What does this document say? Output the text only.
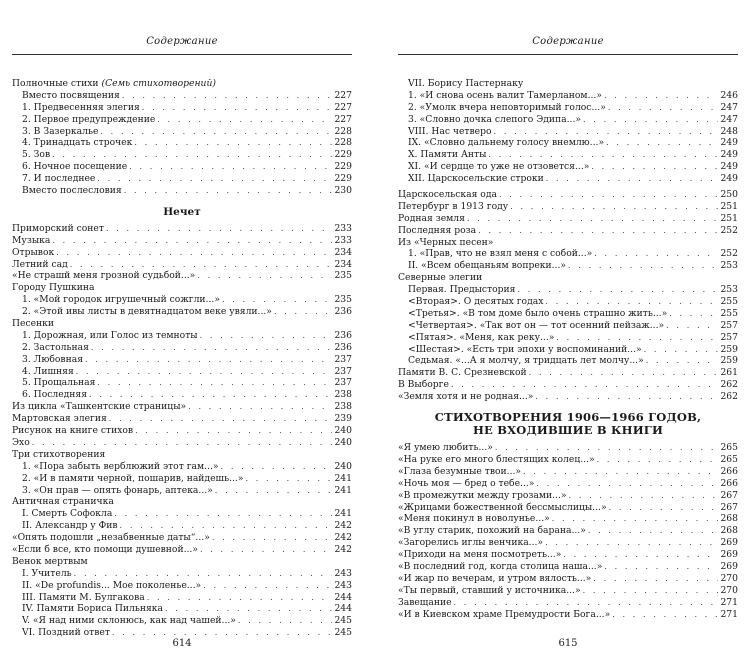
Содержание
Полночные стихи (Семь стихотворений)
Вместо посвящения . . .	227
1. Предвесенняя элегия . . .	227
2. Первое предупреждение . . .	227
3. В Зазеркалье . . .	228
4. Тринадцать строчек . . .	228
5. Зов . . .	229
6. Ночное посещение . . .	229
7. И последнее . . .	229
Вместо послесловия . . .	230
Нечет
Приморский сонет . . .	233
Музыка . . .	233
Отрывок . . .	234
Летний сад . . .	234
«Не страшй меня грозной судьбой...» . . .	235
Городу Пушкина
1. «Мой городок игрушечный сожгли...» . . .	235
2. «Этой ивы листы в девятнадцатом веке увяли...» . . .	236
Песенки
1. Дорожная, или Голос из темноты . . .	236
2. Застольная . . .	236
3. Любовная . . .	237
4. Лишняя . . .	237
5. Прощальная . . .	237
6. Последняя . . .	238
Из цикла «Ташкентские страницы» . . .	238
Мартовская элегия . . .	239
Рисунок на книге стихов . . .	240
Эхо . . .	240
Три стихотворения
1. «Пора забыть верблюжий этот гам...» . . .	240
2. «И в памяти черной, пошарив, найдешь...» . . .	241
3. «Он прав — опять фонарь, аптека...» . . .	241
Античная страничка
I. Смерть Софокла . . .	241
II. Александр у Фив . . .	242
«Опять подошли „незабвенные даты“...» . . .	242
«Если б все, кто помощи душевной...» . . .	242
Венок мертвым
I. Учитель . . .	243
II. «De profundis... Мое поколенье...» . . .	243
III. Памяти М. Булгакова . . .	244
IV. Памяти Бориса Пильняка . . .	244
V. «Я над ними склонюсь, как над чашей...» . . .	245
VI. Поздний ответ . . .	245
614
Содержание
VII. Борису Пастернаку
1. «И снова осень валит Тамерланом...» . . .	246
2. «Умолк вчера неповторимый голос...» . . .	247
3. «Словно дочка слепого Эдипа...» . . .	247
VIII. Нас четверо . . .	248
IX. «Словно дальнему голосу внемлю...» . . .	249
X. Памяти Анты . . .	249
XI. «И сердце то уже не отзовется...» . . .	249
XII. Царскосельские строки . . .	249
Царскосельская ода . . .	250
Петербург в 1913 году . . .	251
Родная земля . . .	251
Последняя роза . . .	252
Из «Черных песен»
1. «Прав, что не взял меня с собой...» . . .	252
II. «Всем обещаньям вопреки...» . . .	253
Северные элегии
Первая. Предыстория . . .	253
<Вторая>. О десятых годах . . .	255
<Третья>. «В том доме было очень страшно жить...» . . .	255
<Четвертая>. «Так вот он — тот осенний пейзаж...» . . .	257
<Пятая>. «Меня, как реку...» . . .	257
<Шестая>. «Есть три эпохи у воспоминаний...» . . .	259
Седьмая. «...А я молчу, я тридцать лет молчу...» . . .	259
Памяти В. С. Срезневской . . .	261
В Выборге . . .	262
«Земля хотя и не родная...» . . .	262
СТИХОТВОРЕНИЯ 1906—1966 ГОДОВ,
НЕ ВХОДИВШИЕ В КНИГИ
«Я умею любить...» . . .	265
«На руке его много блестящих колец...» . . .	265
«Глаза безумные твои...» . . .	266
«Ночь моя — бред о тебе...» . . .	266
«В промежутки между грозами...» . . .	267
«Жрицами божественной бессмыслицы...» . . .	267
«Меня покинул в новолунье...» . . .	268
«В углу старик, похожий на барана...» . . .	268
«Загорелись иглы венчика...» . . .	269
«Приходи на меня посмотреть...» . . .	269
«В последний год, когда столица наша...» . . .	269
«И жар по вечерам, и утром вялость...» . . .	270
«Ты первый, ставший у источника...» . . .	270
Завещание . . .	271
«И в Киевском храме Премудрости Бога...» . . .	271
615
